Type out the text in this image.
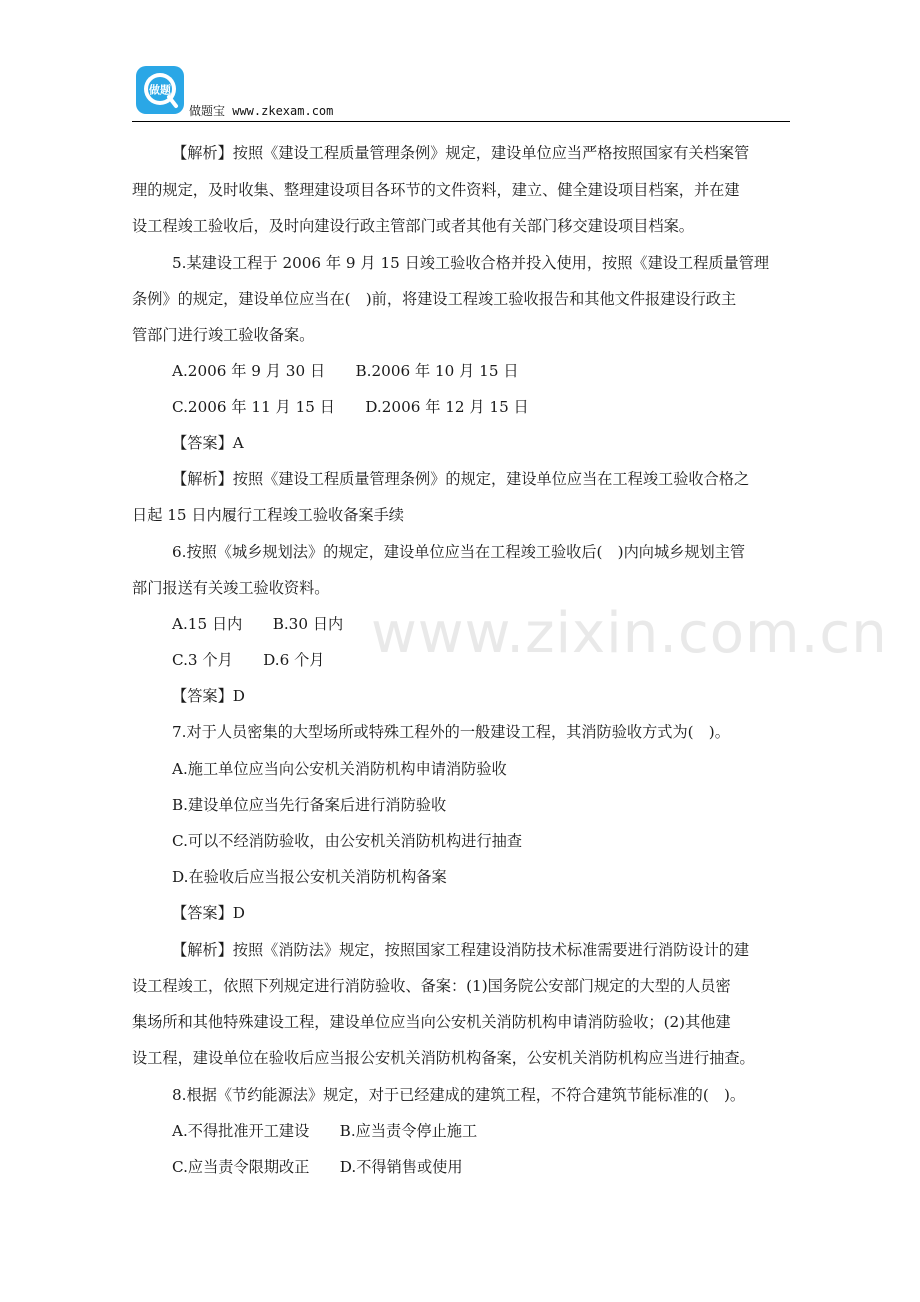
做题
做题宝 www.zkexam.com
www.zixin.com.cn
【解析】按照《建设工程质量管理条例》规定，建设单位应当严格按照国家有关档案管
理的规定，及时收集、整理建设项目各环节的文件资料，建立、健全建设项目档案，并在建
设工程竣工验收后，及时向建设行政主管部门或者其他有关部门移交建设项目档案。
5.某建设工程于 2006 年 9 月 15 日竣工验收合格并投入使用，按照《建设工程质量管理
条例》的规定，建设单位应当在(　)前，将建设工程竣工验收报告和其他文件报建设行政主
管部门进行竣工验收备案。
A.2006 年 9 月 30 日　　B.2006 年 10 月 15 日
C.2006 年 11 月 15 日　　D.2006 年 12 月 15 日
【答案】A
【解析】按照《建设工程质量管理条例》的规定，建设单位应当在工程竣工验收合格之
日起 15 日内履行工程竣工验收备案手续
6.按照《城乡规划法》的规定，建设单位应当在工程竣工验收后(　)内向城乡规划主管
部门报送有关竣工验收资料。
A.15 日内　　B.30 日内
C.3 个月　　D.6 个月
【答案】D
7.对于人员密集的大型场所或特殊工程外的一般建设工程，其消防验收方式为(　)。
A.施工单位应当向公安机关消防机构申请消防验收
B.建设单位应当先行备案后进行消防验收
C.可以不经消防验收，由公安机关消防机构进行抽查
D.在验收后应当报公安机关消防机构备案
【答案】D
【解析】按照《消防法》规定，按照国家工程建设消防技术标准需要进行消防设计的建
设工程竣工，依照下列规定进行消防验收、备案：(1)国务院公安部门规定的大型的人员密
集场所和其他特殊建设工程，建设单位应当向公安机关消防机构申请消防验收；(2)其他建
设工程，建设单位在验收后应当报公安机关消防机构备案，公安机关消防机构应当进行抽查。
8.根据《节约能源法》规定，对于已经建成的建筑工程，不符合建筑节能标准的(　)。
A.不得批准开工建设　　B.应当责令停止施工
C.应当责令限期改正　　D.不得销售或使用
